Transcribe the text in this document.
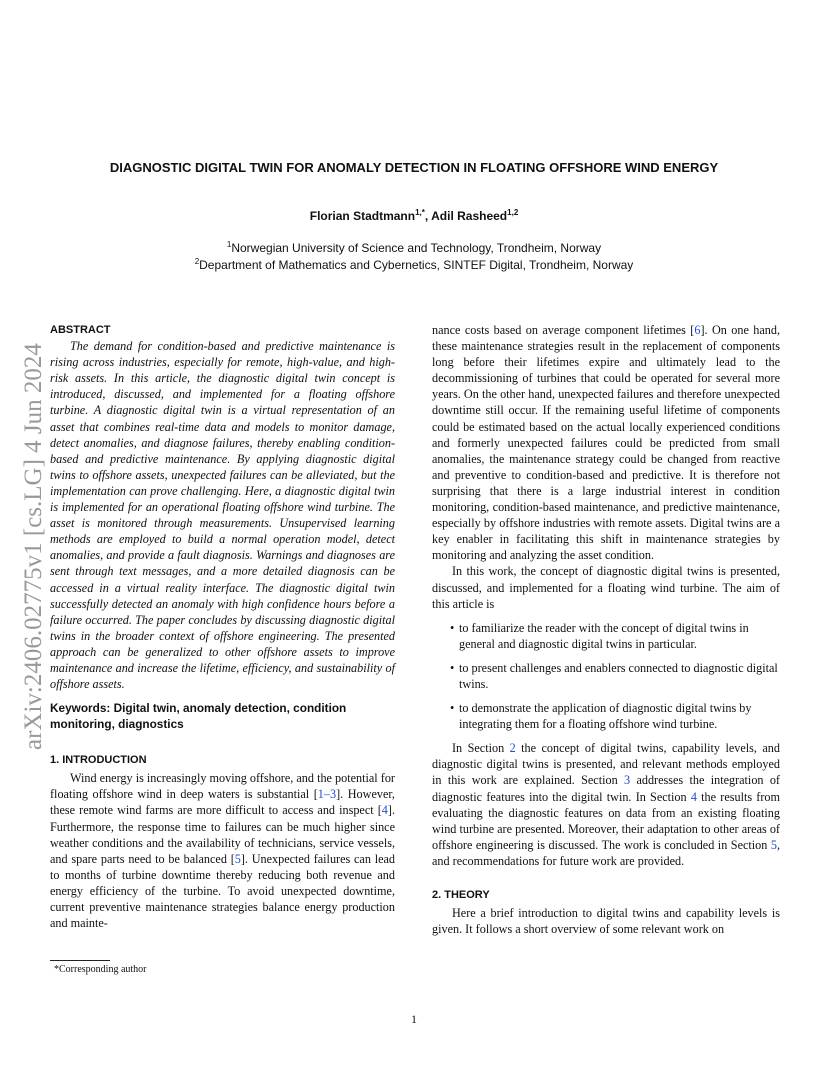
DIAGNOSTIC DIGITAL TWIN FOR ANOMALY DETECTION IN FLOATING OFFSHORE WIND ENERGY
Florian Stadtmann$^{1,*}$, Adil Rasheed$^{1,2}$
$^1$Norwegian University of Science and Technology, Trondheim, Norway
$^2$Department of Mathematics and Cybernetics, SINTEF Digital, Trondheim, Norway
arXiv:2406.02775v1 [cs.LG] 4 Jun 2024

ABSTRACT

The demand for condition-based and predictive maintenance is rising across industries, especially for remote, high-value, and high-risk assets. In this article, the diagnostic digital twin concept is introduced, discussed, and implemented for a floating offshore turbine. A diagnostic digital twin is a virtual representation of an asset that combines real-time data and models to monitor damage, detect anomalies, and diagnose failures, thereby enabling condition-based and predictive maintenance. By applying diagnostic digital twins to offshore assets, unexpected failures can be alleviated, but the implementation can prove challenging. Here, a diagnostic digital twin is implemented for an operational floating offshore wind turbine. The asset is monitored through measurements. Unsupervised learning methods are employed to build a normal operation model, detect anomalies, and provide a fault diagnosis. Warnings and diagnoses are sent through text messages, and a more detailed diagnosis can be accessed in a virtual reality interface. The diagnostic digital twin successfully detected an anomaly with high confidence hours before a failure occurred. The paper concludes by discussing diagnostic digital twins in the broader context of offshore engineering. The presented approach can be generalized to other offshore assets to improve maintenance and increase the lifetime, efficiency, and sustainability of offshore assets.

Keywords: Digital twin, anomaly detection, condition monitoring, diagnostics

1. INTRODUCTION

Wind energy is increasingly moving offshore, and the potential for floating offshore wind in deep waters is substantial [1–3]. However, these remote wind farms are more difficult to access and inspect [4]. Furthermore, the response time to failures can be much higher since weather conditions and the availability of technicians, service vessels, and spare parts need to be balanced [5]. Unexpected failures can lead to months of turbine downtime thereby reducing both revenue and energy efficiency of the turbine. To avoid unexpected downtime, current preventive maintenance strategies balance energy production and mainte-

nance costs based on average component lifetimes [6]. On one hand, these maintenance strategies result in the replacement of components long before their lifetimes expire and ultimately lead to the decommissioning of turbines that could be operated for several more years. On the other hand, unexpected failures and therefore unexpected downtime still occur. If the remaining useful lifetime of components could be estimated based on the actual locally experienced conditions and formerly unexpected failures could be predicted from small anomalies, the maintenance strategy could be changed from reactive and preventive to condition-based and predictive. It is therefore not surprising that there is a large industrial interest in condition monitoring, condition-based maintenance, and predictive maintenance, especially by offshore industries with remote assets. Digital twins are a key enabler in facilitating this shift in maintenance strategies by monitoring and analyzing the asset condition.

In this work, the concept of diagnostic digital twins is presented, discussed, and implemented for a floating wind turbine. The aim of this article is

• to familiarize the reader with the concept of digital twins in general and diagnostic digital twins in particular.
• to present challenges and enablers connected to diagnostic digital twins.
• to demonstrate the application of diagnostic digital twins by integrating them for a floating offshore wind turbine.

In Section 2 the concept of digital twins, capability levels, and diagnostic digital twins is presented, and relevant methods employed in this work are explained. Section 3 addresses the integration of diagnostic features into the digital twin. In Section 4 the results from evaluating the diagnostic features on data from an existing floating wind turbine are presented. Moreover, their adaptation to other areas of offshore engineering is discussed. The work is concluded in Section 5, and recommendations for future work are provided.

2. THEORY

Here a brief introduction to digital twins and capability levels is given. It follows a short overview of some relevant work on

*Corresponding author
1
